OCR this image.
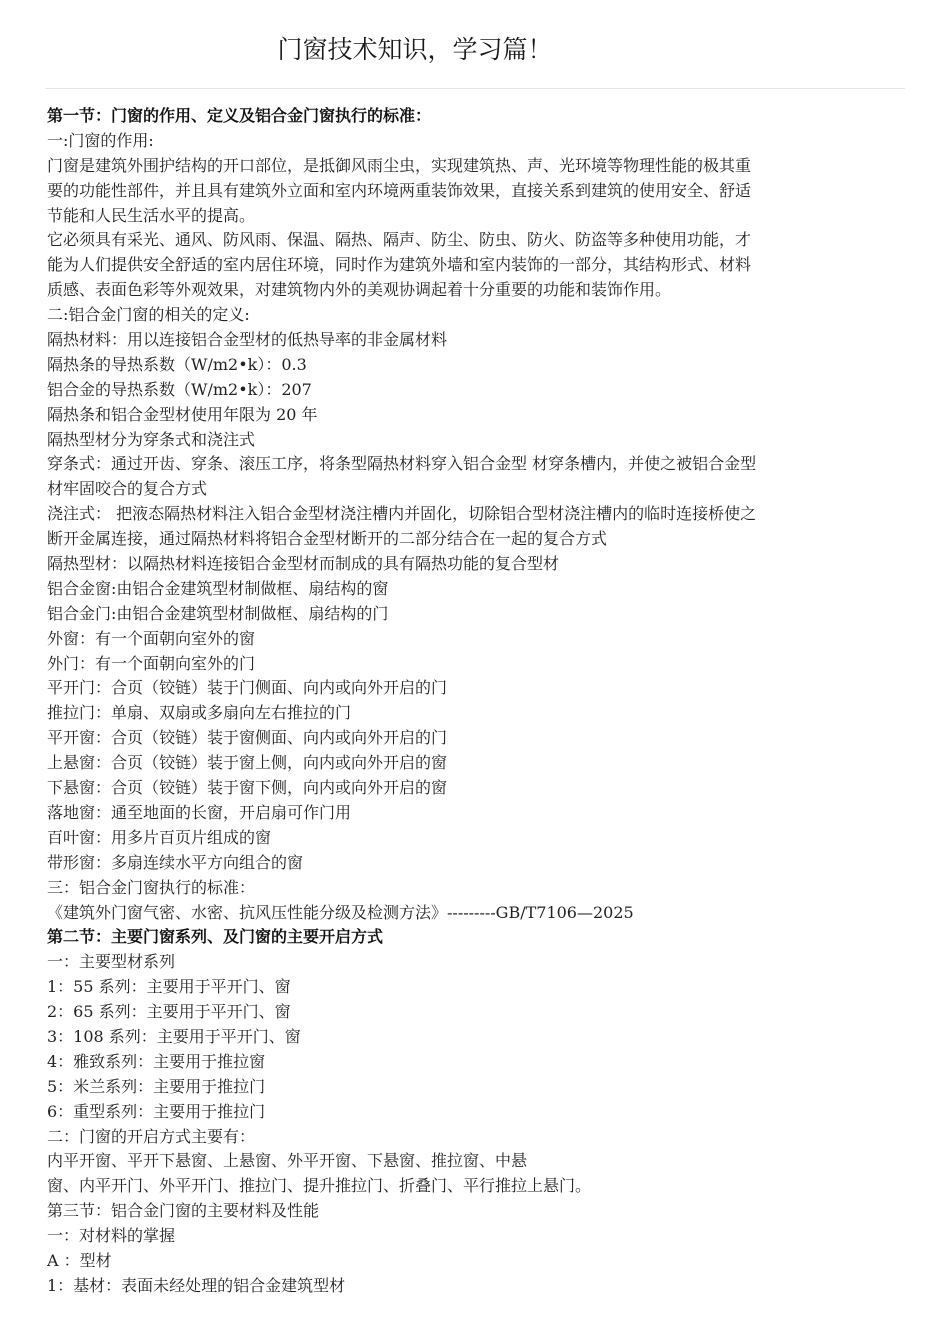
门窗技术知识，学习篇！
第一节：门窗的作用、定义及铝合金门窗执行的标准：
一:门窗的作用:
门窗是建筑外围护结构的开口部位，是抵御风雨尘虫，实现建筑热、声、光环境等物理性能的极其重
要的功能性部件，并且具有建筑外立面和室内环境两重装饰效果，直接关系到建筑的使用安全、舒适
节能和人民生活水平的提高。
它必须具有采光、通风、防风雨、保温、隔热、隔声、防尘、防虫、防火、防盗等多种使用功能，才
能为人们提供安全舒适的室内居住环境，同时作为建筑外墙和室内装饰的一部分，其结构形式、材料
质感、表面色彩等外观效果，对建筑物内外的美观协调起着十分重要的功能和装饰作用。
二:铝合金门窗的相关的定义:
隔热材料：用以连接铝合金型材的低热导率的非金属材料
隔热条的导热系数（W/m2•k）：0.3
铝合金的导热系数（W/m2•k）：207
隔热条和铝合金型材使用年限为 20 年
隔热型材分为穿条式和浇注式
穿条式：通过开齿、穿条、滚压工序，将条型隔热材料穿入铝合金型 材穿条槽内，并使之被铝合金型
材牢固咬合的复合方式
浇注式： 把液态隔热材料注入铝合金型材浇注槽内并固化，切除铝合型材浇注槽内的临时连接桥使之
断开金属连接，通过隔热材料将铝合金型材断开的二部分结合在一起的复合方式
隔热型材：以隔热材料连接铝合金型材而制成的具有隔热功能的复合型材
铝合金窗:由铝合金建筑型材制做框、扇结构的窗
铝合金门:由铝合金建筑型材制做框、扇结构的门
外窗：有一个面朝向室外的窗
外门：有一个面朝向室外的门
平开门：合页（铰链）装于门侧面、向内或向外开启的门
推拉门：单扇、双扇或多扇向左右推拉的门
平开窗：合页（铰链）装于窗侧面、向内或向外开启的门
上悬窗：合页（铰链）装于窗上侧，向内或向外开启的窗
下悬窗：合页（铰链）装于窗下侧，向内或向外开启的窗
落地窗：通至地面的长窗，开启扇可作门用
百叶窗：用多片百页片组成的窗
带形窗：多扇连续水平方向组合的窗
三：铝合金门窗执行的标准：
《建筑外门窗气密、水密、抗风压性能分级及检测方法》---------GB/T7106—2025
第二节：主要门窗系列、及门窗的主要开启方式
一：主要型材系列
1：55 系列：主要用于平开门、窗
2：65 系列：主要用于平开门、窗
3：108 系列：主要用于平开门、窗
4：雅致系列：主要用于推拉窗
5：米兰系列：主要用于推拉门
6：重型系列：主要用于推拉门
二：门窗的开启方式主要有：
内平开窗、平开下悬窗、上悬窗、外平开窗、下悬窗、推拉窗、中悬
窗、内平开门、外平开门、推拉门、提升推拉门、折叠门、平行推拉上悬门。
第三节：铝合金门窗的主要材料及性能
一：对材料的掌握
A ：型材
1：基材：表面未经处理的铝合金建筑型材
